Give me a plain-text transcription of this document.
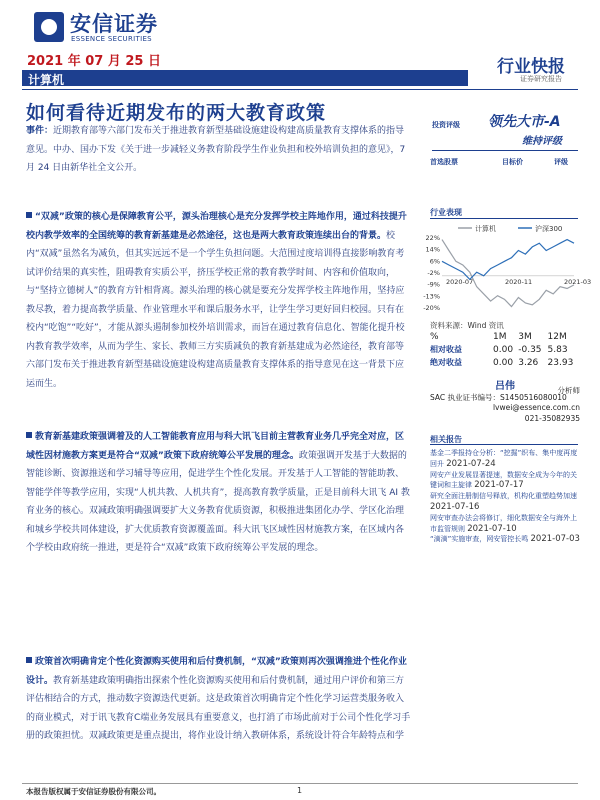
安信证券
ESSENCE SECURITIES
2021 年 07 月 25 日	行业快报
证券研究报告
计算机
如何看待近期发布的两大教育政策
事件：近期教育部等六部门发布关于推进教育新型基础设施建设构建高质量教育支撑体系的指导意见。中办、国办下发《关于进一步减轻义务教育阶段学生作业负担和校外培训负担的意见》，7 月 24 日由新华社全文公开。
“双减”政策的核心是保障教育公平，源头治理核心是充分发挥学校主阵地作用，通过科技提升校内教学效率的全国统筹的教育新基建是必然途径，这也是两大教育政策连续出台的背景。校内“双减”虽然名为减负，但其实远远不是一个学生负担问题。大范围过度培训得直接影响教育考试评价结果的真实性，阻碍教育实质公平，挤压学校正常的教育教学时间、内容和价值取向，与“坚持立德树人”的教育方针相背离。源头治理的核心就是要充分发挥学校主阵地作用，坚持应教尽教，着力提高教学质量、作业管理水平和课后服务水平，让学生学习更好回归校园。只有在校内“吃饱”“吃好”，才能从源头遏制参加校外培训需求，而旨在通过教育信息化、智能化提升校内教育教学效率，从而为学生、家长、教师三方实质减负的教育新基建成为必然途径，教育部等六部门发布关于推进教育新型基础设施建设构建高质量教育支撑体系的指导意见在这一背景下应运而生。
教育新基建政策强调着及的人工智能教育应用与科大讯飞目前主营教育业务几乎完全对应，区域性因材施教方案更是符合“双减”政策下政府统筹公平发展的理念。政策强调开发基于大数据的智能诊断、资源推送和学习辅导等应用，促进学生个性化发展。开发基于人工智能的智能助教、智能学伴等教学应用，实现“人机共教、人机共育”，提高教育教学质量，正是目前科大讯飞 AI 教育业务的核心。双减政策明确强调要扩大义务教育优质资源，积极推进集团化办学、学区化治理和城乡学校共同体建设，扩大优质教育资源覆盖面。科大讯飞区域性因材施教方案，在区域内各个学校由政府统一推进，更是符合“双减”政策下政府统筹公平发展的理念。
政策首次明确肯定个性化资源购买使用和后付费机制，“双减”政策则再次强调推进个性化作业设计。教育新基建政策明确指出探索个性化资源购买使用和后付费机制，通过用户评价和第三方评估相结合的方式，推动数字资源迭代更新。这是政策首次明确肯定个性化学习运营类服务收入的商业模式，对于讯飞教育C端业务发展具有重要意义，也打消了市场此前对于公司个性化学习手册的政策担忧。双减政策更是重点提出，将作业设计纳入教研体系，系统设计符合年龄特点和学
投资评级 领先大市-A
维持评级
首选股票	目标价	评级
行业表现
计算机	沪深300
22%
14%
6%
-2%
-9%
-13%
-20%
2020-07	2020-11	2021-03
资料来源：Wind 资讯
%	1M	3M	12M
相对收益	0.00	-0.35	5.83
绝对收益	0.00	3.26	23.93
吕伟	分析师
SAC 执业证书编号：S1450516080010
lvwei@essence.com.cn
021-35082935
相关报告
基金二季报持仓分析：“挖掘”织布、集中度再度回升 2021-07-24
网安产业发展显著提速，数据安全成为今年的关键词和主旋律 2021-07-17
研究全面注册制信号释放，机构化重塑趋势加速 2021-07-16
网安审查办法会将修订，细化数据安全与海外上市监管规则 2021-07-10
“滴滴”实施审查，网安管控长鸣 2021-07-03
本报告版权属于安信证券股份有限公司。	1
